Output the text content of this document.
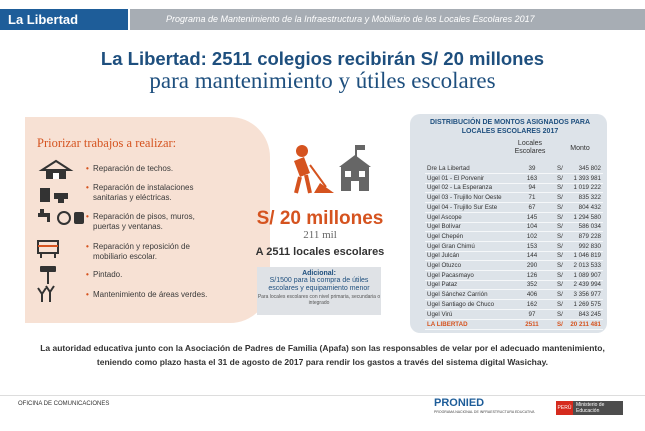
La Libertad	Programa de Mantenimiento de la Infraestructura y Mobiliario de los Locales Escolares 2017
La Libertad: 2511 colegios recibirán S/ 20 millones
para mantenimiento y útiles escolares
Priorizar trabajos a realizar:
• Reparación de techos.
• Reparación de instalaciones sanitarias y eléctricas.
• Reparación de pisos, muros, puertas y ventanas.
• Reparación y reposición de mobiliario escolar.
• Pintado.
• Mantenimiento de áreas verdes.
S/ 20 millones
211 mil
A 2511 locales escolares
Adicional:
S/1500 para la compra de útiles escolares y equipamiento menor
Para locales escolares con nivel primaria, secundaria o integrado
DISTRIBUCIÓN DE MONTOS ASIGNADOS PARA LOCALES ESCOLARES 2017
Locales Escolares	Monto
Dre La Libertad	39	S/	345 802
Ugel 01 - El Porvenir	163	S/	1 393 981
Ugel 02 - La Esperanza	94	S/	1 019 222
Ugel 03 - Trujillo Nor Oeste	71	S/	835 322
Ugel 04 - Trujillo Sur Este	67	S/	804 432
Ugel Ascope	145	S/	1 294 580
Ugel Bolívar	104	S/	586 034
Ugel Chepén	102	S/	879 228
Ugel Gran Chimú	153	S/	992 830
Ugel Julcán	144	S/	1 046 819
Ugel Otuzco	290	S/	2 013 533
Ugel Pacasmayo	126	S/	1 089 907
Ugel Pataz	352	S/	2 439 994
Ugel Sánchez Carrión	406	S/	3 356 977
Ugel Santiago de Chuco	162	S/	1 269 575
Ugel Virú	97	S/	843 245
LA LIBERTAD	2511	S/	20 211 481
La autoridad educativa junto con la Asociación de Padres de Familia (Apafa) son las responsables de velar por el adecuado mantenimiento,
teniendo como plazo hasta el 31 de agosto de 2017 para rendir los gastos a través del sistema digital Wasichay.
OFICINA DE COMUNICACIONES	PRONIED
PROGRAMA NACIONAL DE INFRAESTRUCTURA EDUCATIVA
PERÚ Ministerio de Educación
